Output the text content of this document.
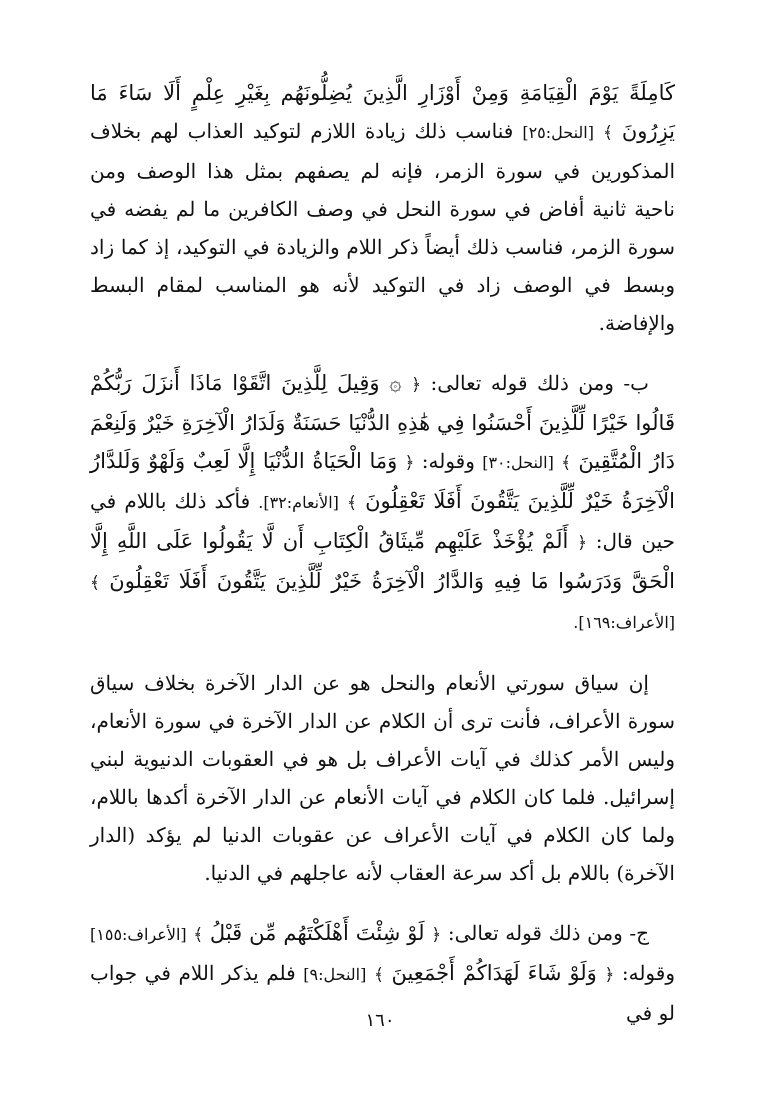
كَامِلَةً يَوْمَ الْقِيَامَةِ وَمِنْ أَوْزَارِ الَّذِينَ يُضِلُّونَهُم بِغَيْرِ عِلْمٍ أَلَا سَاءَ مَا يَزِرُونَ ﴾ [النحل:٢٥] فناسب ذلك زيادة اللازم لتوكيد العذاب لهم بخلاف المذكورين في سورة الزمر، فإنه لم يصفهم بمثل هذا الوصف ومن ناحية ثانية أفاض في سورة النحل في وصف الكافرين ما لم يفضه في سورة الزمر، فناسب ذلك أيضاً ذكر اللام والزيادة في التوكيد، إذ كما زاد وبسط في الوصف زاد في التوكيد لأنه هو المناسب لمقام البسط والإفاضة.

ب- ومن ذلك قوله تعالى: ﴿ ۞ وَقِيلَ لِلَّذِينَ اتَّقَوْا مَاذَا أَنزَلَ رَبُّكُمْ قَالُوا خَيْرًا لِّلَّذِينَ أَحْسَنُوا فِي هَٰذِهِ الدُّنْيَا حَسَنَةٌ وَلَدَارُ الْآخِرَةِ خَيْرٌ وَلَنِعْمَ دَارُ الْمُتَّقِينَ ﴾ [النحل:٣٠] وقوله: ﴿ وَمَا الْحَيَاةُ الدُّنْيَا إِلَّا لَعِبٌ وَلَهْوٌ وَلَلدَّارُ الْآخِرَةُ خَيْرٌ لِّلَّذِينَ يَتَّقُونَ أَفَلَا تَعْقِلُونَ ﴾ [الأنعام:٣٢]. فأكد ذلك باللام في حين قال: ﴿ أَلَمْ يُؤْخَذْ عَلَيْهِم مِّيثَاقُ الْكِتَابِ أَن لَّا يَقُولُوا عَلَى اللَّهِ إِلَّا الْحَقَّ وَدَرَسُوا مَا فِيهِ وَالدَّارُ الْآخِرَةُ خَيْرٌ لِّلَّذِينَ يَتَّقُونَ أَفَلَا تَعْقِلُونَ ﴾ [الأعراف:١٦٩].

إن سياق سورتي الأنعام والنحل هو عن الدار الآخرة بخلاف سياق سورة الأعراف، فأنت ترى أن الكلام عن الدار الآخرة في سورة الأنعام، وليس الأمر كذلك في آيات الأعراف بل هو في العقوبات الدنيوية لبني إسرائيل. فلما كان الكلام في آيات الأنعام عن الدار الآخرة أكدها باللام، ولما كان الكلام في آيات الأعراف عن عقوبات الدنيا لم يؤكد (الدار الآخرة) باللام بل أكد سرعة العقاب لأنه عاجلهم في الدنيا.

ج- ومن ذلك قوله تعالى: ﴿ لَوْ شِئْتَ أَهْلَكْتَهُم مِّن قَبْلُ ﴾ [الأعراف:١٥٥] وقوله: ﴿ وَلَوْ شَاءَ لَهَدَاكُمْ أَجْمَعِينَ ﴾ [النحل:٩] فلم يذكر اللام في جواب لو في

١٦٠
